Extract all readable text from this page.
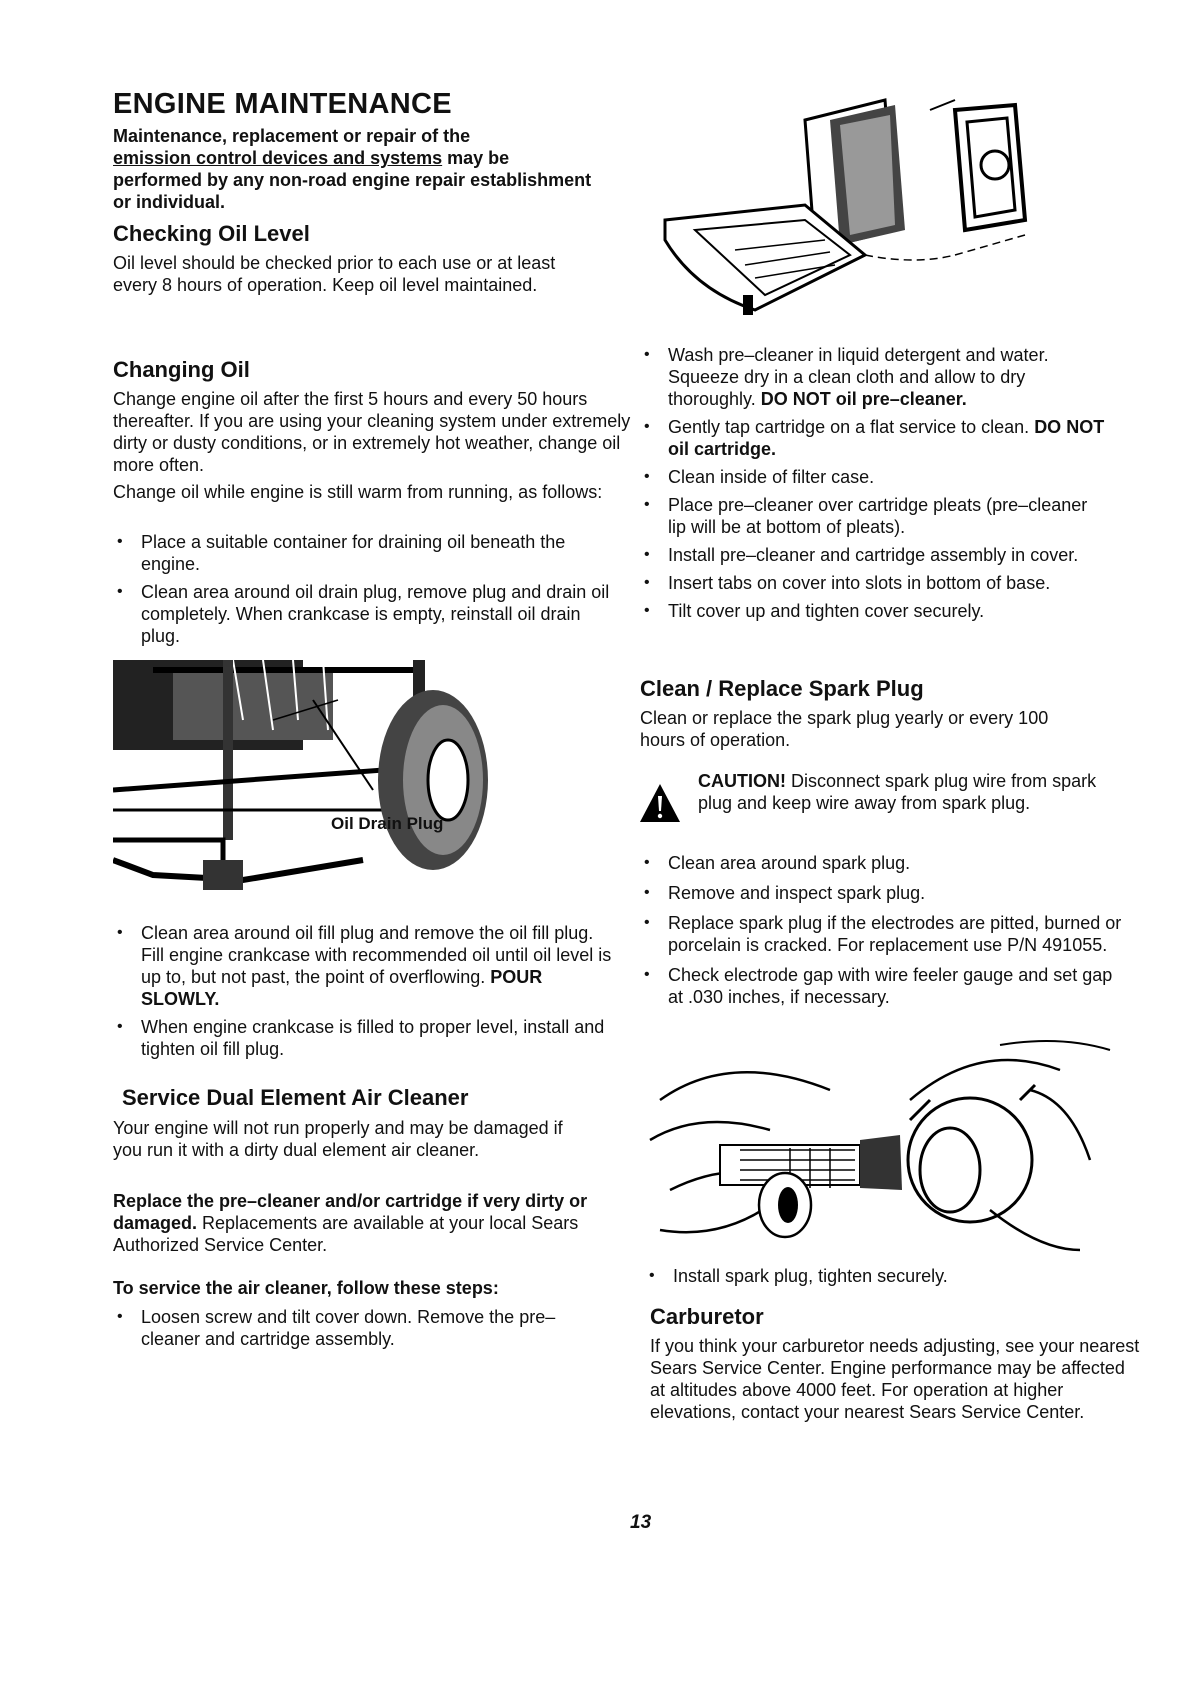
ENGINE MAINTENANCE

Maintenance, replacement or repair of the
emission control devices and systems may be performed by any non-road engine repair establishment or individual.

Checking Oil Level

Oil level should be checked prior to each use or at least every 8 hours of operation. Keep oil level maintained.

Changing Oil

Change engine oil after the first 5 hours and every 50 hours thereafter. If you are using your cleaning system under extremely dirty or dusty conditions, or in extremely hot weather, change oil more often.

Change oil while engine is still warm from running, as follows:

• Place a suitable container for draining oil beneath the engine.
• Clean area around oil drain plug, remove plug and drain oil completely. When crankcase is empty, reinstall oil drain plug.
Oil Drain Plug
• Clean area around oil fill plug and remove the oil fill plug. Fill engine crankcase with recommended oil until oil level is up to, but not past, the point of overflowing. POUR SLOWLY.
• When engine crankcase is filled to proper level, install and tighten oil fill plug.
Service Dual Element Air Cleaner

Your engine will not run properly and may be damaged if you run it with a dirty dual element air cleaner.

Replace the pre–cleaner and/or cartridge if very dirty or damaged. Replacements are available at your local Sears Authorized Service Center.

To service the air cleaner, follow these steps:

• Loosen screw and tilt cover down. Remove the pre–cleaner and cartridge assembly.
• Wash pre–cleaner in liquid detergent and water. Squeeze dry in a clean cloth and allow to dry thoroughly. DO NOT oil pre–cleaner.
• Gently tap cartridge on a flat service to clean. DO NOT oil cartridge.
• Clean inside of filter case.
• Place pre–cleaner over cartridge pleats (pre–cleaner lip will be at bottom of pleats).
• Install pre–cleaner and cartridge assembly in cover.
• Insert tabs on cover into slots in bottom of base.
• Tilt cover up and tighten cover securely.
Clean / Replace Spark Plug

Clean or replace the spark plug yearly or every 100 hours of operation.

CAUTION! Disconnect spark plug wire from spark plug and keep wire away from spark plug.

• Clean area around spark plug.
• Remove and inspect spark plug.
• Replace spark plug if the electrodes are pitted, burned or porcelain is cracked. For replacement use P/N 491055.
• Check electrode gap with wire feeler gauge and set gap at .030 inches, if necessary.
• Install spark plug, tighten securely.
Carburetor

If you think your carburetor needs adjusting, see your nearest Sears Service Center. Engine performance may be affected at altitudes above 4000 feet. For operation at higher elevations, contact your nearest Sears Service Center.

13
